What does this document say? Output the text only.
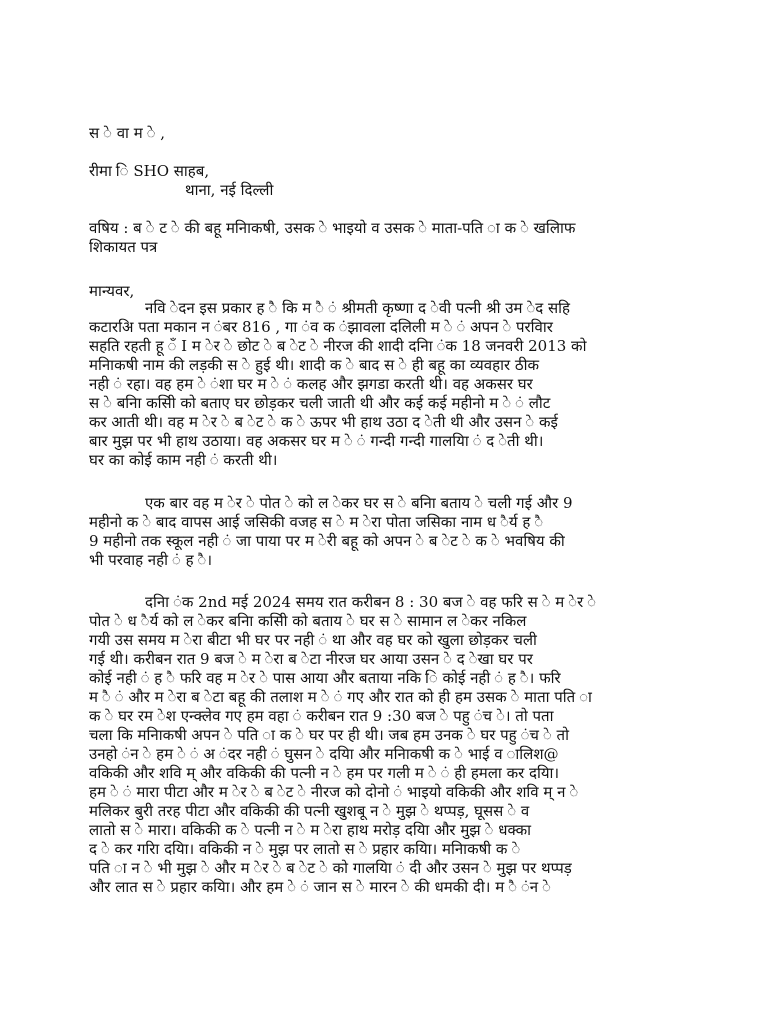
स े वा म े ,
रीमा ि SHO साहब,
थाना, नई दिल्ली
वषिय : ब े ट े की बहू मनिाकषी, उसक े भाइयो व उसक े माता-पति ा क े खलिाफ
शिकायत पत्र
मान्यवर,
नवि ेदन इस प्रकार ह ै कि म ै ं श्रीमती कृष्णा द ेवी पत्नी श्री उम ेद सहि
कटारअि पता मकान न ंबर 816 , गा ंव क ंझावला दलिली म े ं अपन े परविार
सहति रहती हू ँ I म ेर े छोट े ब ेट े नीरज की शादी दनिा ंक 18 जनवरी 2013 को
मनिाकषी नाम की लड़की स े हुई थी। शादी क े बाद स े ही बहू का व्यवहार ठीक
नही ं रहा। वह हम े ंशा घर म े ं कलह और झगडा करती थी। वह अकसर घर
स े बनिा कसिी को बताए घर छोड़कर चली जाती थी और कई कई महीनो म े ं लौट
कर आती थी। वह म ेर े ब ेट े क े ऊपर भी हाथ उठा द ेती थी और उसन े कई
बार मुझ पर भी हाथ उठाया। वह अकसर घर म े ं गन्दी गन्दी गालयिा ं द ेती थी।
घर का कोई काम नही ं करती थी।
एक बार वह म ेर े पोत े को ल ेकर घर स े बनिा बताय े चली गई और 9
महीनो क े बाद वापस आई जसिकी वजह स े म ेरा पोता जसिका नाम ध ैर्य ह ै
9 महीनो तक स्कूल नही ं जा पाया पर म ेरी बहू को अपन े ब ेट े क े भवषिय की
भी परवाह नही ं ह ै।
दनिा ंक 2nd मई 2024 समय रात करीबन 8 : 30 बज े वह फरि स े म ेर े
पोत े ध ैर्य को ल ेकर बनिा कसिी को बताय े घर स े सामान ल ेकर नकिल
गयी उस समय म ेरा बीटा भी घर पर नही ं था और वह घर को खुला छोड़कर चली
गई थी। करीबन रात 9 बज े म ेरा ब ेटा नीरज घर आया उसन े द ेखा घर पर
कोई नही ं ह ै फरि वह म ेर े पास आया और बताया नकि ि कोई नही ं ह ै। फरि
म ै ं और म ेरा ब ेटा बहू की तलाश म े ं गए और रात को ही हम उसक े माता पति ा
क े घर रम ेश एन्क्लेव गए हम वहा ं करीबन रात 9 :30 बज े पहु ंच े। तो पता
चला कि मनिाकषी अपन े पति ा क े घर पर ही थी। जब हम उनक े घर पहु ंच े तो
उनहो ंन े हम े ं अ ंदर नही ं घुसन े दयिा और मनिाकषी क े भाई व ालिश@
वकिकी और शवि म् और वकिकी की पत्नी न े हम पर गली म े ं ही हमला कर दयिा।
हम े ं मारा पीटा और म ेर े ब ेट े नीरज को दोनो ं भाइयो वकिकी और शवि म् न े
मलिकर बुरी तरह पीटा और वकिकी की पत्नी खुशबू न े मुझ े थप्पड़, घूसस े व
लातो स े मारा। वकिकी क े पत्नी न े म ेरा हाथ मरोड़ दयिा और मुझ े धक्का
द े कर गरिा दयिा। वकिकी न े मुझ पर लातो स े प्रहार कयिा। मनिाकषी क े
पति ा न े भी मुझ े और म ेर े ब ेट े को गालयिा ं दी और उसन े मुझ पर थप्पड़
और लात स े प्रहार कयिा। और हम े ं जान स े मारन े की धमकी दी। म ै ंन े
